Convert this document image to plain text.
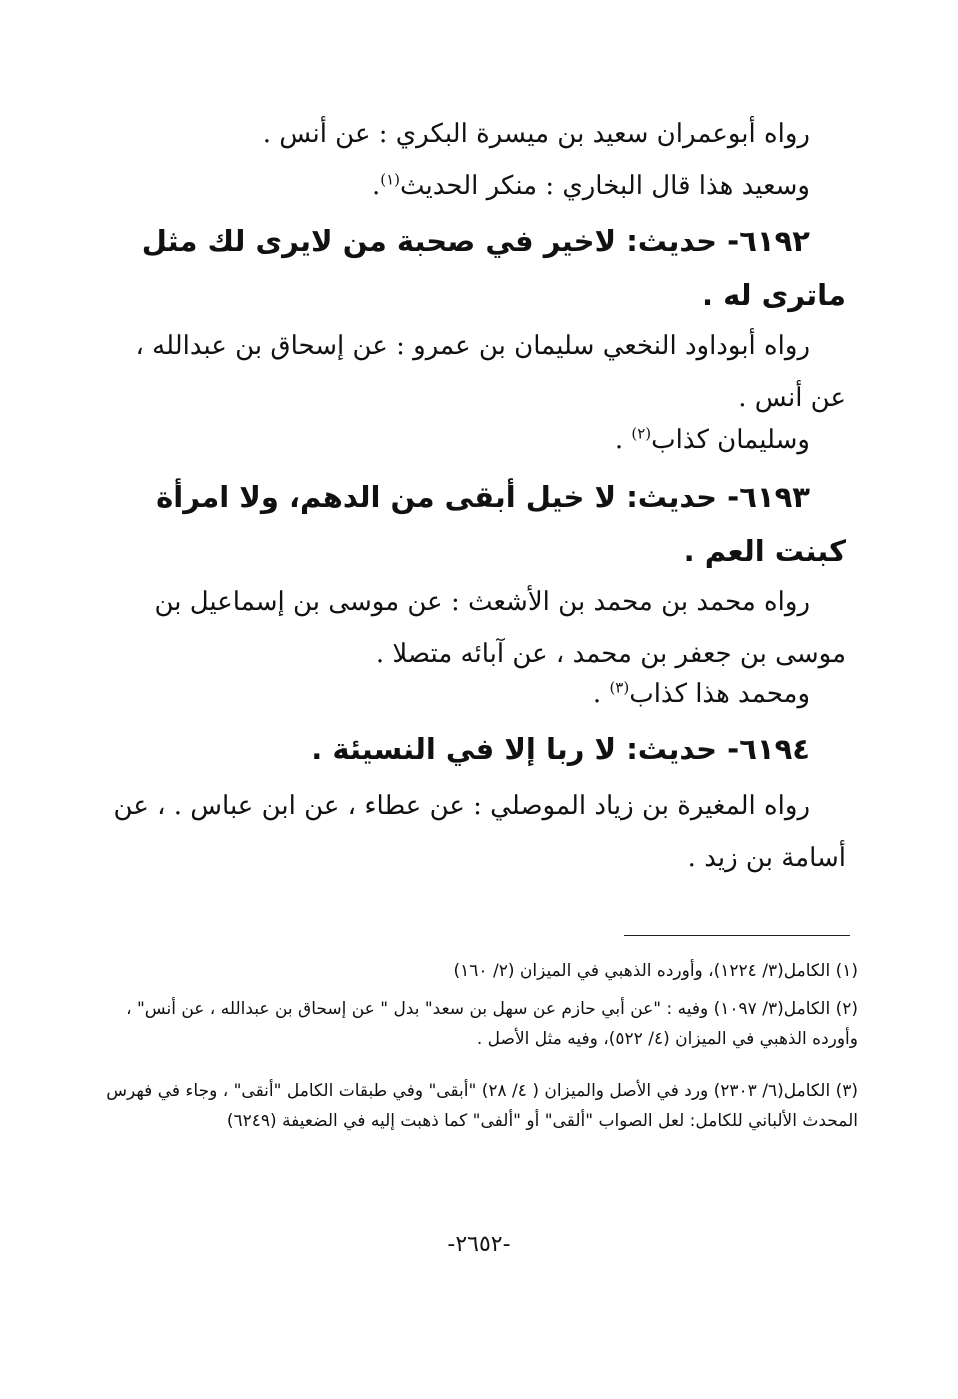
رواه أبوعمران سعيد بن ميسرة البكري : عن أنس .
وسعيد هذا قال البخاري : منكر الحديث$^{(١)}$.
٦١٩٢- حديث: لاخير في صحبة من لايرى لك مثل ماترى له .
رواه أبوداود النخعي سليمان بن عمرو : عن إسحاق بن عبدالله ، عن أنس .
وسليمان كذاب$^{(٢)}$ .
٦١٩٣- حديث: لا خيل أبقى من الدهم، ولا امرأة كبنت العم .
رواه محمد بن محمد بن الأشعث : عن موسى بن إسماعيل بن موسى بن جعفر بن محمد ، عن آبائه متصلا .
ومحمد هذا كذاب$^{(٣)}$ .
٦١٩٤- حديث: لا ربا إلا في النسيئة .
رواه المغيرة بن زياد الموصلي : عن عطاء ، عن ابن عباس . ، عن أسامة بن زيد .
(١) الكامل(٣/ ١٢٢٤)، وأورده الذهبي في الميزان (٢/ ١٦٠)
(٢) الكامل(٣/ ١٠٩٧) وفيه : "عن أبي حازم عن سهل بن سعد" بدل " عن إسحاق بن عبدالله ، عن أنس" ، وأورده الذهبي في الميزان (٤/ ٥٢٢)، وفيه مثل الأصل .
(٣) الكامل(٦/ ٢٣٠٣) ورد في الأصل والميزان ( ٤/ ٢٨) "أبقى" وفي طبقات الكامل "أنقى" ، وجاء في فهرس المحدث الألباني للكامل: لعل الصواب "ألقى" أو "ألفى" كما ذهبت إليه في الضعيفة (٦٢٤٩)
-٢٦٥٢-
